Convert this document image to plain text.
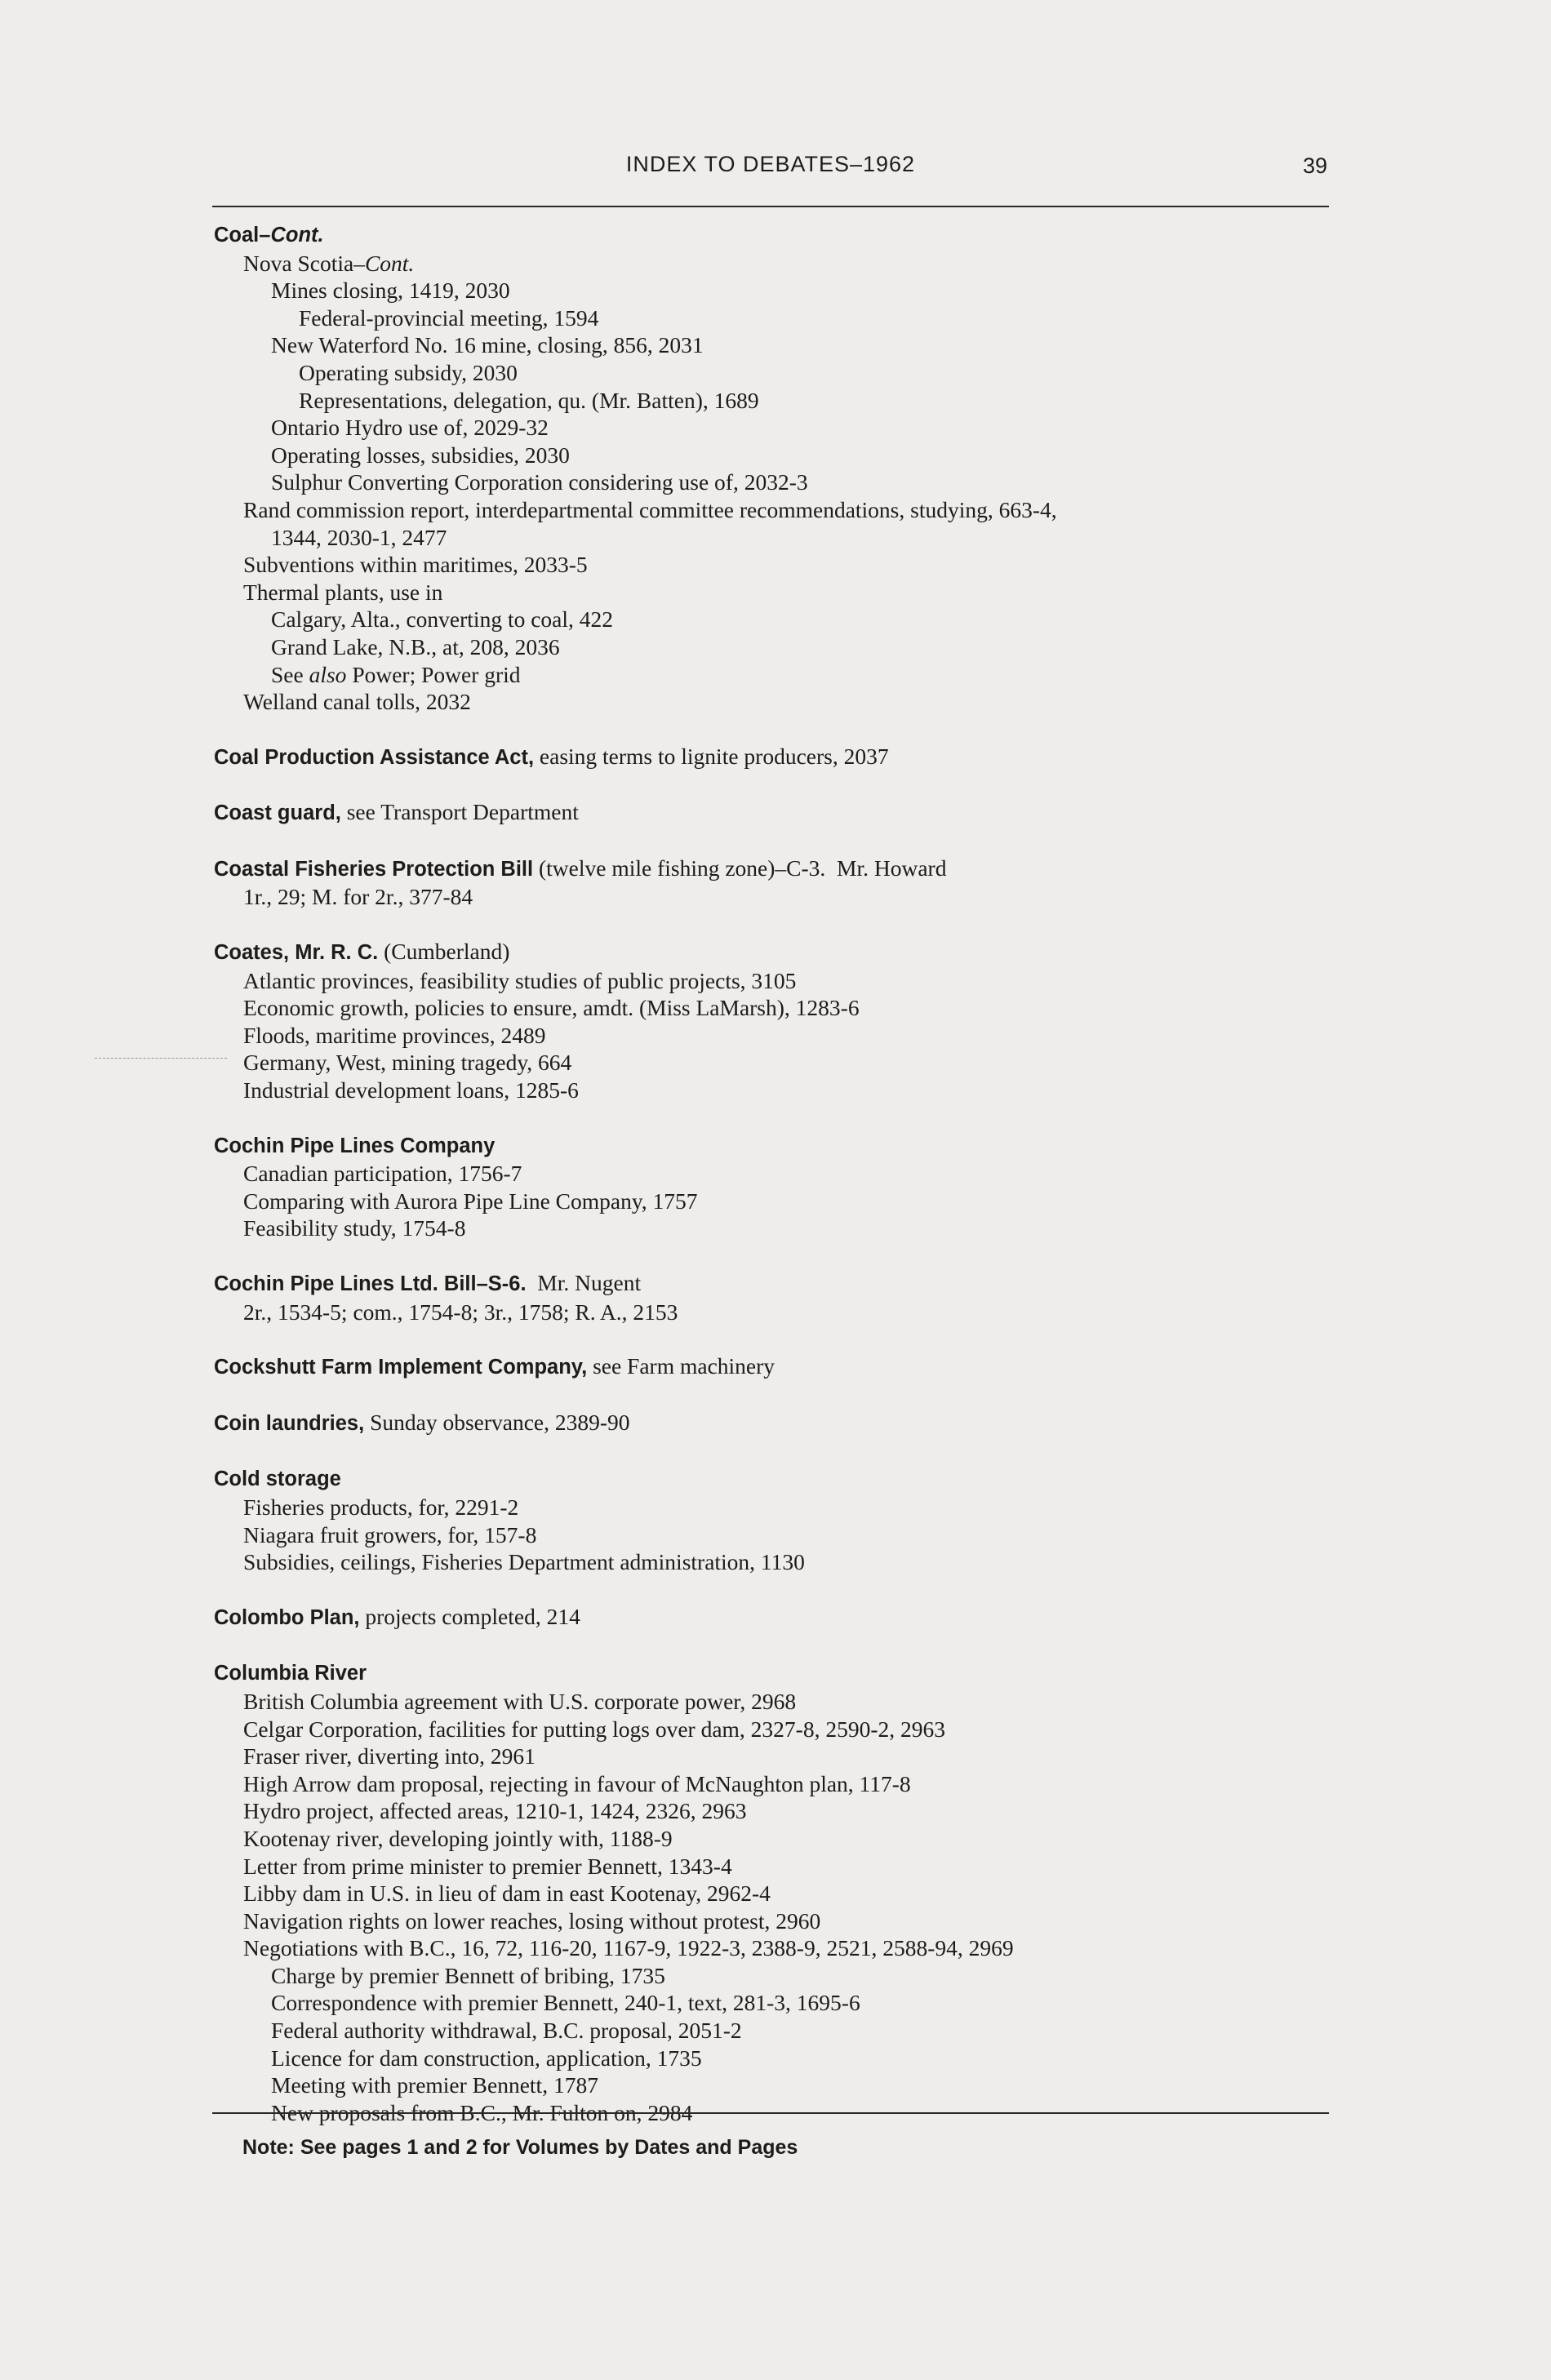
INDEX TO DEBATES–1962	39
Coal–Cont.
Nova Scotia–Cont.
Mines closing, 1419, 2030
Federal-provincial meeting, 1594
New Waterford No. 16 mine, closing, 856, 2031
Operating subsidy, 2030
Representations, delegation, qu. (Mr. Batten), 1689
Ontario Hydro use of, 2029-32
Operating losses, subsidies, 2030
Sulphur Converting Corporation considering use of, 2032-3
Rand commission report, interdepartmental committee recommendations, studying, 663-4,
1344, 2030-1, 2477
Subventions within maritimes, 2033-5
Thermal plants, use in
Calgary, Alta., converting to coal, 422
Grand Lake, N.B., at, 208, 2036
See also Power; Power grid
Welland canal tolls, 2032
Coal Production Assistance Act, easing terms to lignite producers, 2037
Coast guard, see Transport Department
Coastal Fisheries Protection Bill (twelve mile fishing zone)–C-3.  Mr. Howard
1r., 29; M. for 2r., 377-84
Coates, Mr. R. C. (Cumberland)
Atlantic provinces, feasibility studies of public projects, 3105
Economic growth, policies to ensure, amdt. (Miss LaMarsh), 1283-6
Floods, maritime provinces, 2489
Germany, West, mining tragedy, 664
Industrial development loans, 1285-6
Cochin Pipe Lines Company
Canadian participation, 1756-7
Comparing with Aurora Pipe Line Company, 1757
Feasibility study, 1754-8
Cochin Pipe Lines Ltd. Bill–S-6.  Mr. Nugent
2r., 1534-5; com., 1754-8; 3r., 1758; R. A., 2153
Cockshutt Farm Implement Company, see Farm machinery
Coin laundries, Sunday observance, 2389-90
Cold storage
Fisheries products, for, 2291-2
Niagara fruit growers, for, 157-8
Subsidies, ceilings, Fisheries Department administration, 1130
Colombo Plan, projects completed, 214
Columbia River
British Columbia agreement with U.S. corporate power, 2968
Celgar Corporation, facilities for putting logs over dam, 2327-8, 2590-2, 2963
Fraser river, diverting into, 2961
High Arrow dam proposal, rejecting in favour of McNaughton plan, 117-8
Hydro project, affected areas, 1210-1, 1424, 2326, 2963
Kootenay river, developing jointly with, 1188-9
Letter from prime minister to premier Bennett, 1343-4
Libby dam in U.S. in lieu of dam in east Kootenay, 2962-4
Navigation rights on lower reaches, losing without protest, 2960
Negotiations with B.C., 16, 72, 116-20, 1167-9, 1922-3, 2388-9, 2521, 2588-94, 2969
Charge by premier Bennett of bribing, 1735
Correspondence with premier Bennett, 240-1, text, 281-3, 1695-6
Federal authority withdrawal, B.C. proposal, 2051-2
Licence for dam construction, application, 1735
Meeting with premier Bennett, 1787
New proposals from B.C., Mr. Fulton on, 2984
Note: See pages 1 and 2 for Volumes by Dates and Pages
